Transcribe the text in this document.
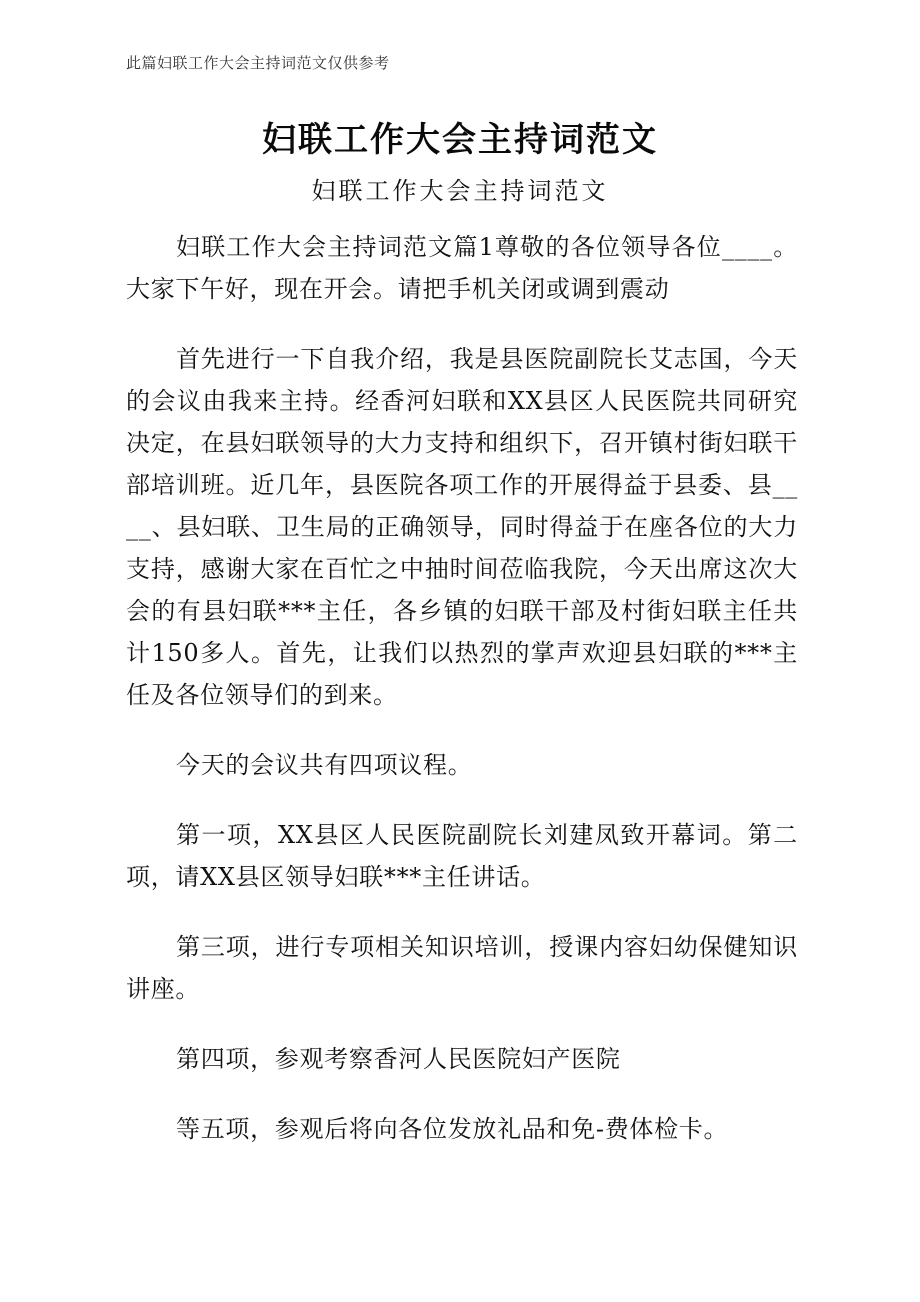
此篇妇联工作大会主持词范文仅供参考
妇联工作大会主持词范文
妇联工作大会主持词范文

妇联工作大会主持词范文篇1尊敬的各位领导各位____。大家下午好，现在开会。请把手机关闭或调到震动

首先进行一下自我介绍，我是县医院副院长艾志国，今天的会议由我来主持。经香河妇联和XX县区人民医院共同研究决定，在县妇联领导的大力支持和组织下，召开镇村街妇联干部培训班。近几年，县医院各项工作的开展得益于县委、县____、县妇联、卫生局的正确领导，同时得益于在座各位的大力支持，感谢大家在百忙之中抽时间莅临我院，今天出席这次大会的有县妇联***主任，各乡镇的妇联干部及村街妇联主任共计150多人。首先，让我们以热烈的掌声欢迎县妇联的***主任及各位领导们的到来。

今天的会议共有四项议程。

第一项，XX县区人民医院副院长刘建凤致开幕词。第二项，请XX县区领导妇联***主任讲话。

第三项，进行专项相关知识培训，授课内容妇幼保健知识讲座。

第四项，参观考察香河人民医院妇产医院

等五项，参观后将向各位发放礼品和免-费体检卡。
